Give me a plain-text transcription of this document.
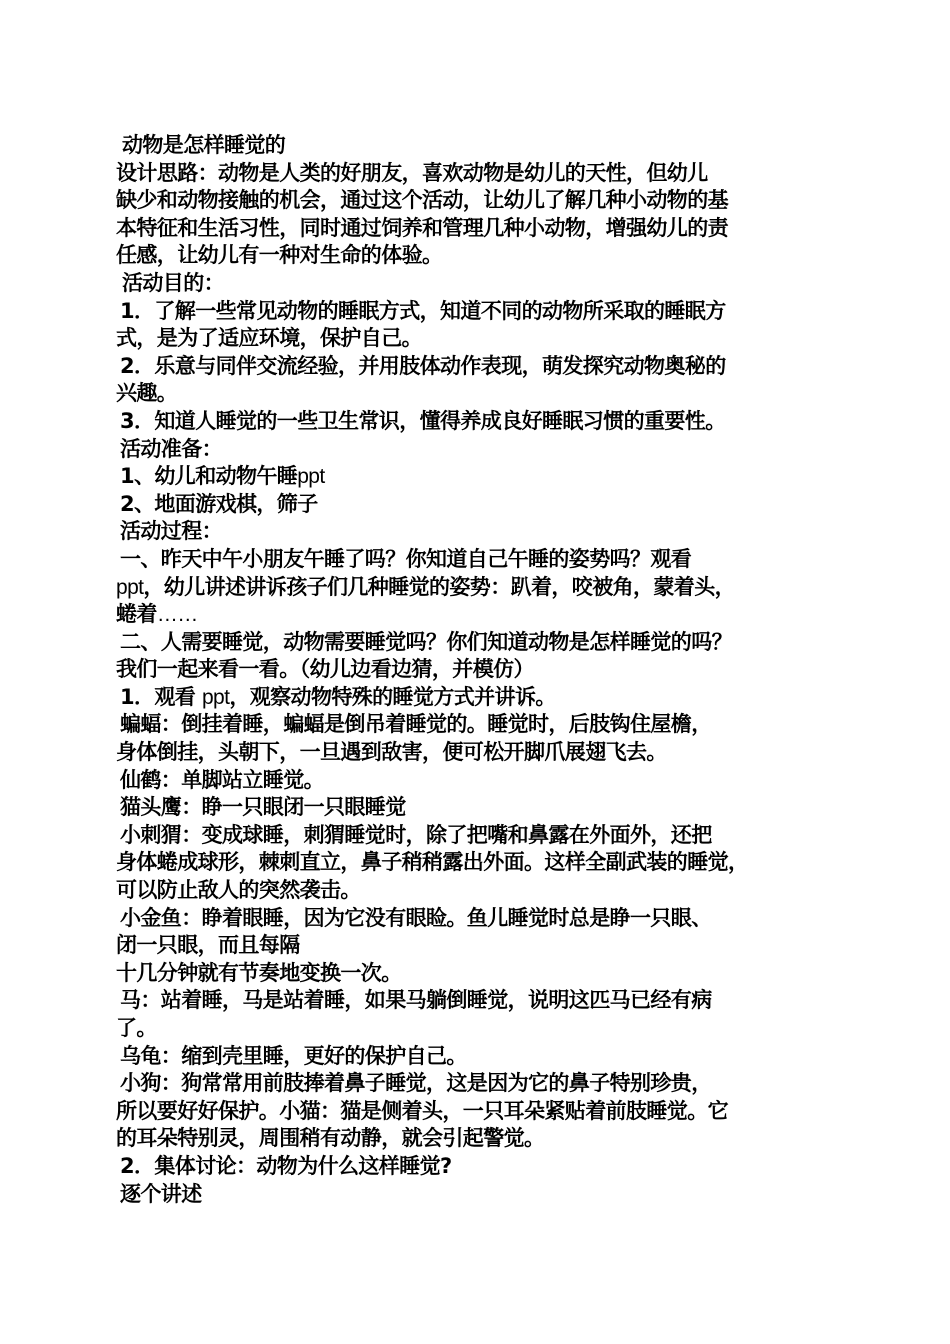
动物是怎样睡觉的
设计思路：动物是人类的好朋友，喜欢动物是幼儿的天性，但幼儿
缺少和动物接触的机会，通过这个活动，让幼儿了解几种小动物的基
本特征和生活习性，同时通过饲养和管理几种小动物，增强幼儿的责
任感，让幼儿有一种对生命的体验。
活动目的：
1．了解一些常见动物的睡眠方式，知道不同的动物所采取的睡眠方
式，是为了适应环境，保护自己。
2．乐意与同伴交流经验，并用肢体动作表现，萌发探究动物奥秘的
兴趣。
3．知道人睡觉的一些卫生常识，懂得养成良好睡眠习惯的重要性。
活动准备：
1、幼儿和动物午睡ppt
2、地面游戏棋，筛子
活动过程：
一、昨天中午小朋友午睡了吗？你知道自己午睡的姿势吗？观看
ppt，幼儿讲述讲诉孩子们几种睡觉的姿势：趴着，咬被角，蒙着头，
蜷着……
二、人需要睡觉，动物需要睡觉吗？你们知道动物是怎样睡觉的吗？
我们一起来看一看。（幼儿边看边猜，并模仿）
1．观看 ppt，观察动物特殊的睡觉方式并讲诉。
蝙蝠：倒挂着睡，蝙蝠是倒吊着睡觉的。睡觉时，后肢钩住屋檐，
身体倒挂，头朝下，一旦遇到敌害，便可松开脚爪展翅飞去。
仙鹤：单脚站立睡觉。
猫头鹰：睁一只眼闭一只眼睡觉
小刺猬：变成球睡，刺猬睡觉时，除了把嘴和鼻露在外面外，还把
身体蜷成球形，棘刺直立，鼻子稍稍露出外面。这样全副武装的睡觉，
可以防止敌人的突然袭击。
小金鱼：睁着眼睡，因为它没有眼睑。鱼儿睡觉时总是睁一只眼、
闭一只眼，而且每隔
十几分钟就有节奏地变换一次。
马：站着睡，马是站着睡，如果马躺倒睡觉，说明这匹马已经有病
了。
乌龟：缩到壳里睡，更好的保护自己。
小狗：狗常常用前肢捧着鼻子睡觉，这是因为它的鼻子特别珍贵，
所以要好好保护。小猫：猫是侧着头，一只耳朵紧贴着前肢睡觉。它
的耳朵特别灵，周围稍有动静，就会引起警觉。
2．集体讨论：动物为什么这样睡觉?
逐个讲述
